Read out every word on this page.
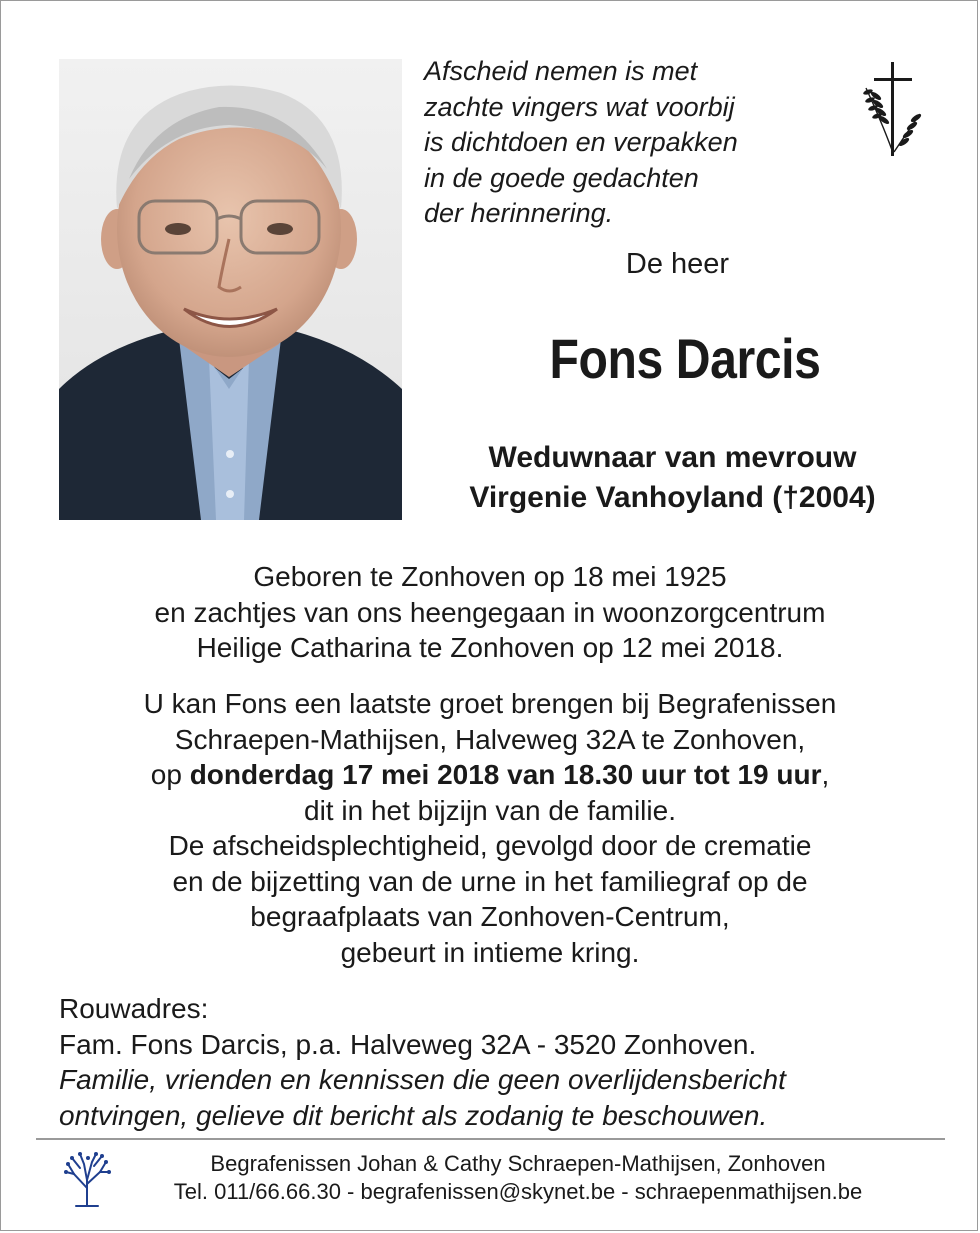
Afscheid nemen is met
zachte vingers wat voorbij
is dichtdoen en verpakken
in de goede gedachten
der herinnering.
De heer
Fons Darcis
Weduwnaar van mevrouw
Virgenie Vanhoyland (†2004)
Geboren te Zonhoven op 18 mei 1925
en zachtjes van ons heengegaan in woonzorgcentrum
Heilige Catharina te Zonhoven op 12 mei 2018.
U kan Fons een laatste groet brengen bij Begrafenissen
Schraepen-Mathijsen, Halveweg 32A te Zonhoven,
op donderdag 17 mei 2018 van 18.30 uur tot 19 uur,
dit in het bijzijn van de familie.
De afscheidsplechtigheid, gevolgd door de crematie
en de bijzetting van de urne in het familiegraf op de
begraafplaats van Zonhoven-Centrum,
gebeurt in intieme kring.
Rouwadres:
Fam. Fons Darcis, p.a. Halveweg 32A - 3520 Zonhoven.
Familie, vrienden en kennissen die geen overlijdensbericht
ontvingen, gelieve dit bericht als zodanig te beschouwen.
Begrafenissen Johan & Cathy Schraepen-Mathijsen, Zonhoven
Tel. 011/66.66.30 - begrafenissen@skynet.be - schraepenmathijsen.be
